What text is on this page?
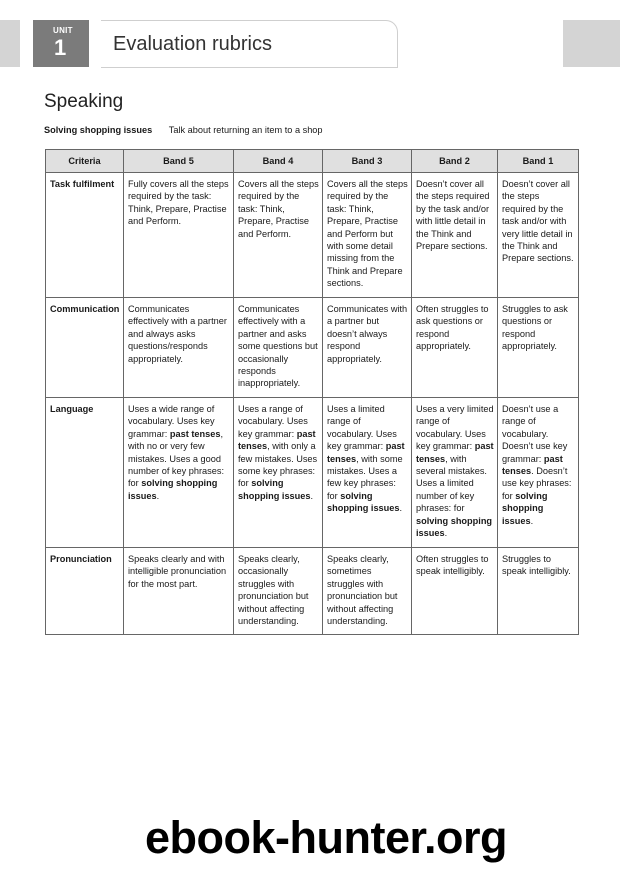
UNIT
1 Evaluation rubrics
Speaking
Solving shopping issues Talk about returning an item to a shop
Criteria	Band 5	Band 4	Band 3	Band 2	Band 1
Task fulfilment	Fully covers all the steps required by the task: Think, Prepare, Practise and Perform.	Covers all the steps required by the task: Think, Prepare, Practise and Perform.	Covers all the steps required by the task: Think, Prepare, Practise and Perform but with some detail missing from the Think and Prepare sections.	Doesn’t cover all the steps required by the task and/or with little detail in the Think and Prepare sections.	Doesn’t cover all the steps required by the task and/or with very little detail in the Think and Prepare sections.
Communication	Communicates effectively with a partner and always asks questions/responds appropriately.	Communicates effectively with a partner and asks some questions but occasionally responds inappropriately.	Communicates with a partner but doesn’t always respond appropriately.	Often struggles to ask questions or respond appropriately.	Struggles to ask questions or respond appropriately.
Language	Uses a wide range of vocabulary. Uses key grammar: past tenses, with no or very few mistakes. Uses a good number of key phrases: for solving shopping issues.	Uses a range of vocabulary. Uses key grammar: past tenses, with only a few mistakes. Uses some key phrases: for solving shopping issues.	Uses a limited range of vocabulary. Uses key grammar: past tenses, with some mistakes. Uses a few key phrases: for solving shopping issues.	Uses a very limited range of vocabulary. Uses key grammar: past tenses, with several mistakes. Uses a limited number of key phrases: for solving shopping issues.	Doesn’t use a range of vocabulary. Doesn’t use key grammar: past tenses. Doesn’t use key phrases: for solving shopping issues.
Pronunciation	Speaks clearly and with intelligible pronunciation for the most part.	Speaks clearly, occasionally struggles with pronunciation but without affecting understanding.	Speaks clearly, sometimes struggles with pronunciation but without affecting understanding.	Often struggles to speak intelligibly.	Struggles to speak intelligibly.
ebook-hunter.org
